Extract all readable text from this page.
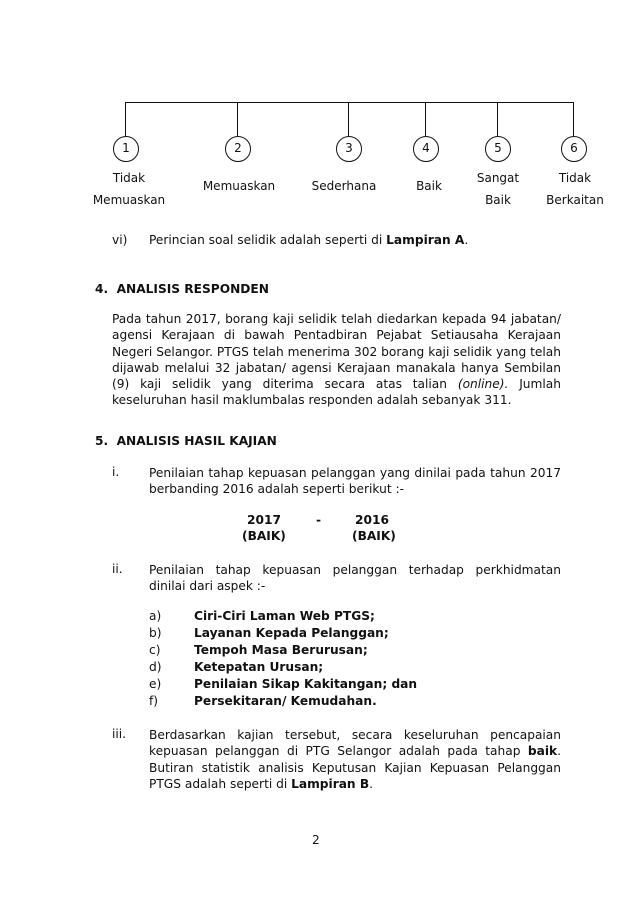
1	2	3	4	5	6
Tidak
Memuaskan
Memuaskan	Sederhana	Baik
Sangat
Baik
Tidak
Berkaitan
vi) Perincian soal selidik adalah seperti di Lampiran A.
4.  ANALISIS RESPONDEN
Pada tahun 2017, borang kaji selidik telah diedarkan kepada 94 jabatan/ agensi Kerajaan di bawah Pentadbiran Pejabat Setiausaha Kerajaan Negeri Selangor. PTGS telah menerima 302 borang kaji selidik yang telah dijawab melalui 32 jabatan/ agensi Kerajaan manakala hanya Sembilan (9) kaji selidik yang diterima secara atas talian (online). Jumlah keseluruhan hasil maklumbalas responden adalah sebanyak 311.
5.  ANALISIS HASIL KAJIAN
i. Penilaian tahap kepuasan pelanggan yang dinilai pada tahun 2017 berbanding 2016 adalah seperti berikut :-
2017	-	2016
(BAIK)	(BAIK)
ii. Penilaian tahap kepuasan pelanggan terhadap perkhidmatan dinilai dari aspek :-
a)	Ciri-Ciri Laman Web PTGS;
b)	Layanan Kepada Pelanggan;
c)	Tempoh Masa Berurusan;
d)	Ketepatan Urusan;
e)	Penilaian Sikap Kakitangan; dan
f)	Persekitaran/ Kemudahan.
iii. Berdasarkan kajian tersebut, secara keseluruhan pencapaian kepuasan pelanggan di PTG Selangor adalah pada tahap baik. Butiran statistik analisis Keputusan Kajian Kepuasan Pelanggan PTGS adalah seperti di Lampiran B.
2
